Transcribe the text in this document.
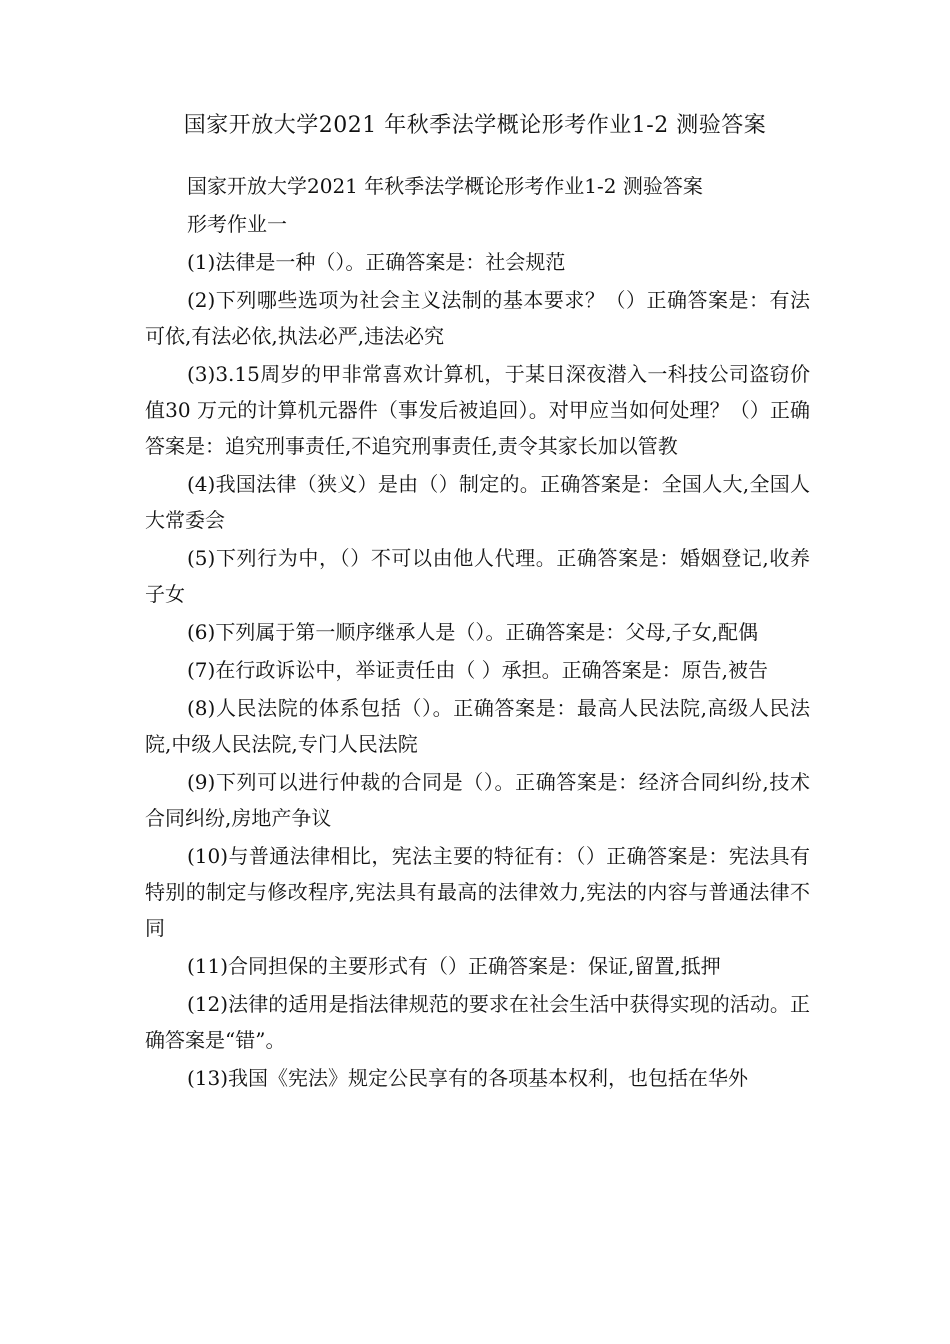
国家开放大学2021 年秋季法学概论形考作业1-2 测验答案

国家开放大学2021 年秋季法学概论形考作业1-2 测验答案

形考作业一

(1)法律是一种（）。正确答案是：社会规范

(2)下列哪些选项为社会主义法制的基本要求？（）正确答案是：有法可依,有法必依,执法必严,违法必究

(3)3.15周岁的甲非常喜欢计算机，于某日深夜潜入一科技公司盗窃价值30 万元的计算机元器件（事发后被追回）。对甲应当如何处理？（）正确答案是：追究刑事责任,不追究刑事责任,责令其家长加以管教

(4)我国法律（狭义）是由（）制定的。正确答案是：全国人大,全国人大常委会

(5)下列行为中，（）不可以由他人代理。正确答案是：婚姻登记,收养子女

(6)下列属于第一顺序继承人是（）。正确答案是：父母,子女,配偶

(7)在行政诉讼中，举证责任由（ ）承担。正确答案是：原告,被告

(8)人民法院的体系包括（）。正确答案是：最高人民法院,高级人民法院,中级人民法院,专门人民法院

(9)下列可以进行仲裁的合同是（）。正确答案是：经济合同纠纷,技术合同纠纷,房地产争议

(10)与普通法律相比，宪法主要的特征有：（）正确答案是：宪法具有特别的制定与修改程序,宪法具有最高的法律效力,宪法的内容与普通法律不同

(11)合同担保的主要形式有（）正确答案是：保证,留置,抵押

(12)法律的适用是指法律规范的要求在社会生活中获得实现的活动。正确答案是“错”。

(13)我国《宪法》规定公民享有的各项基本权利，也包括在华外
